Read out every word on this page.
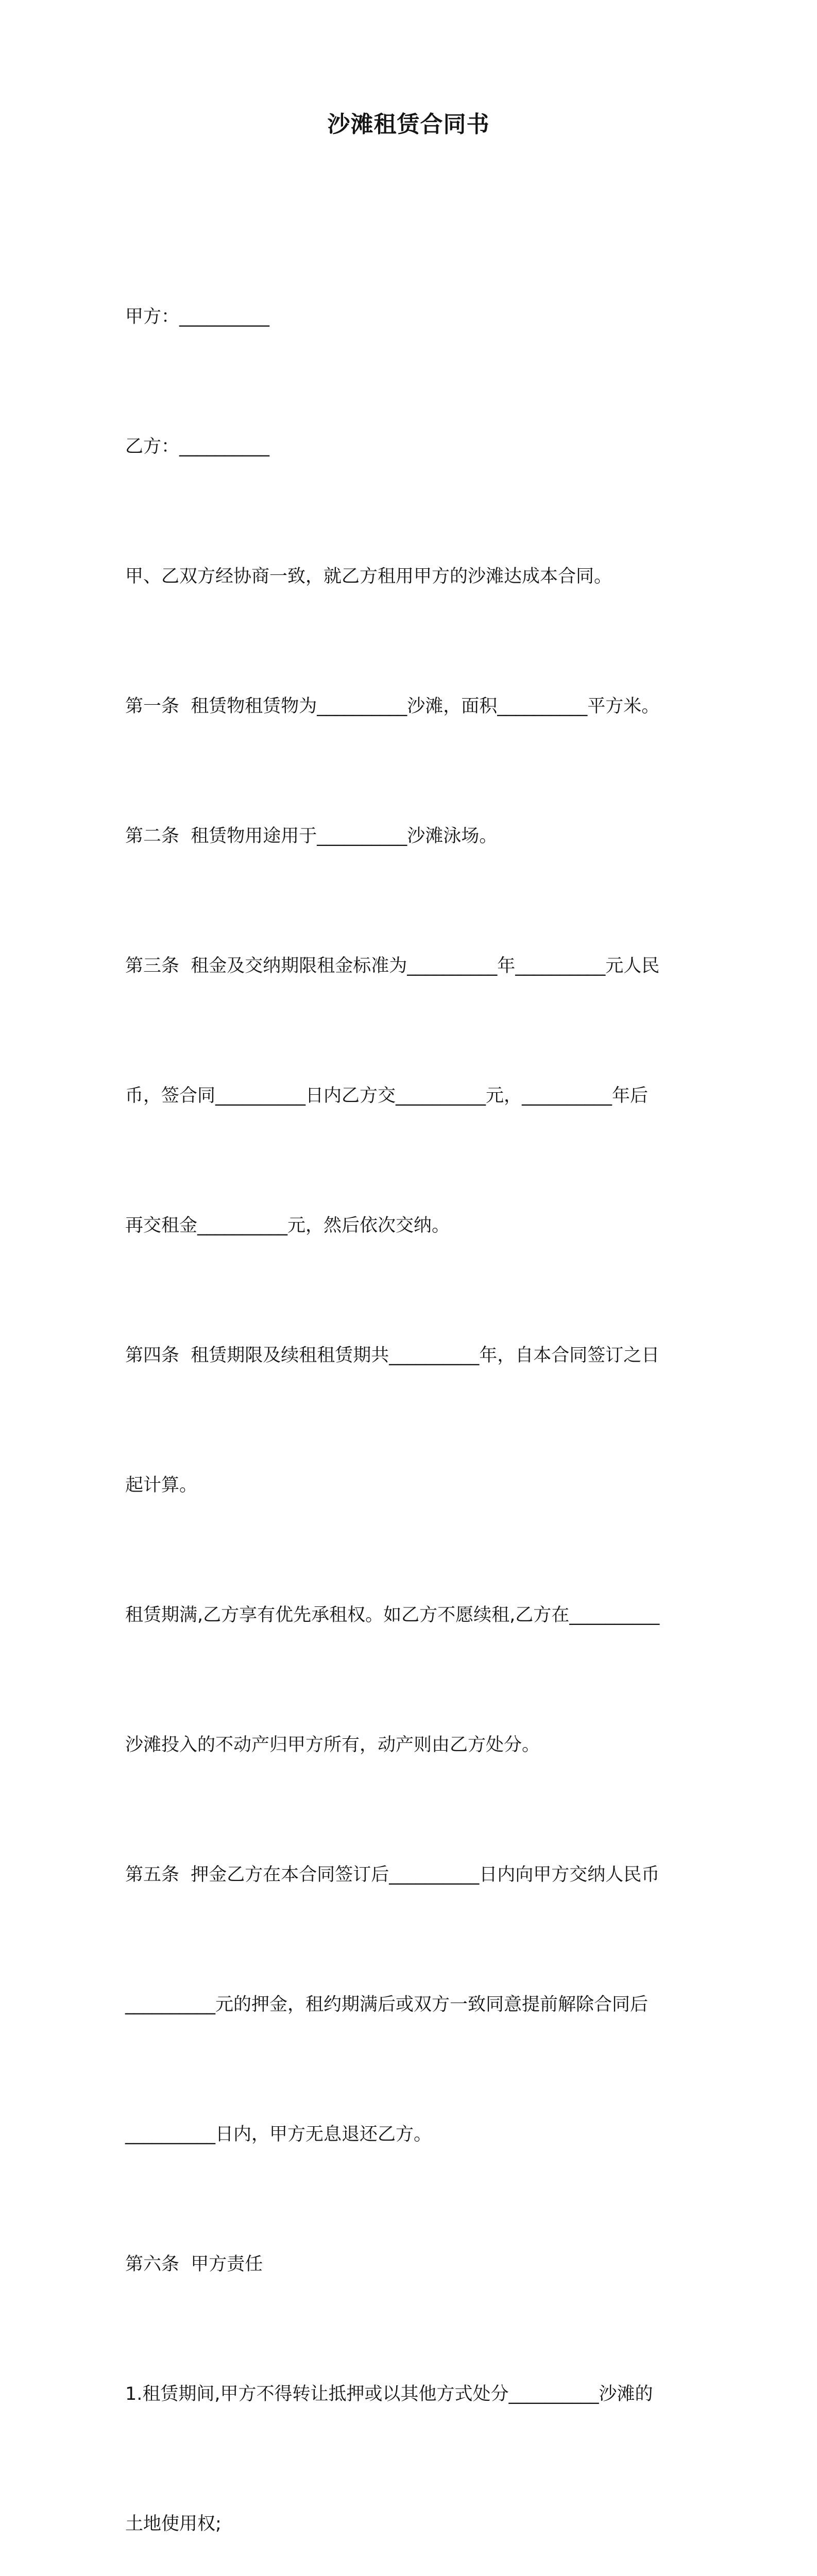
沙滩租赁合同书

甲方：__________

乙方：__________

甲、乙双方经协商一致，就乙方租用甲方的沙滩达成本合同。

第一条  租赁物租赁物为__________沙滩，面积__________平方米。

第二条  租赁物用途用于__________沙滩泳场。

第三条  租金及交纳期限租金标准为__________年__________元人民

币，签合同__________日内乙方交__________元，__________年后

再交租金__________元，然后依次交纳。

第四条  租赁期限及续租租赁期共__________年，自本合同签订之日

起计算。

租赁期满,乙方享有优先承租权。如乙方不愿续租,乙方在__________

沙滩投入的不动产归甲方所有，动产则由乙方处分。

第五条  押金乙方在本合同签订后__________日内向甲方交纳人民币

__________元的押金，租约期满后或双方一致同意提前解除合同后

__________日内，甲方无息退还乙方。

第六条  甲方责任

1.租赁期间,甲方不得转让抵押或以其他方式处分__________沙滩的

土地使用权;
